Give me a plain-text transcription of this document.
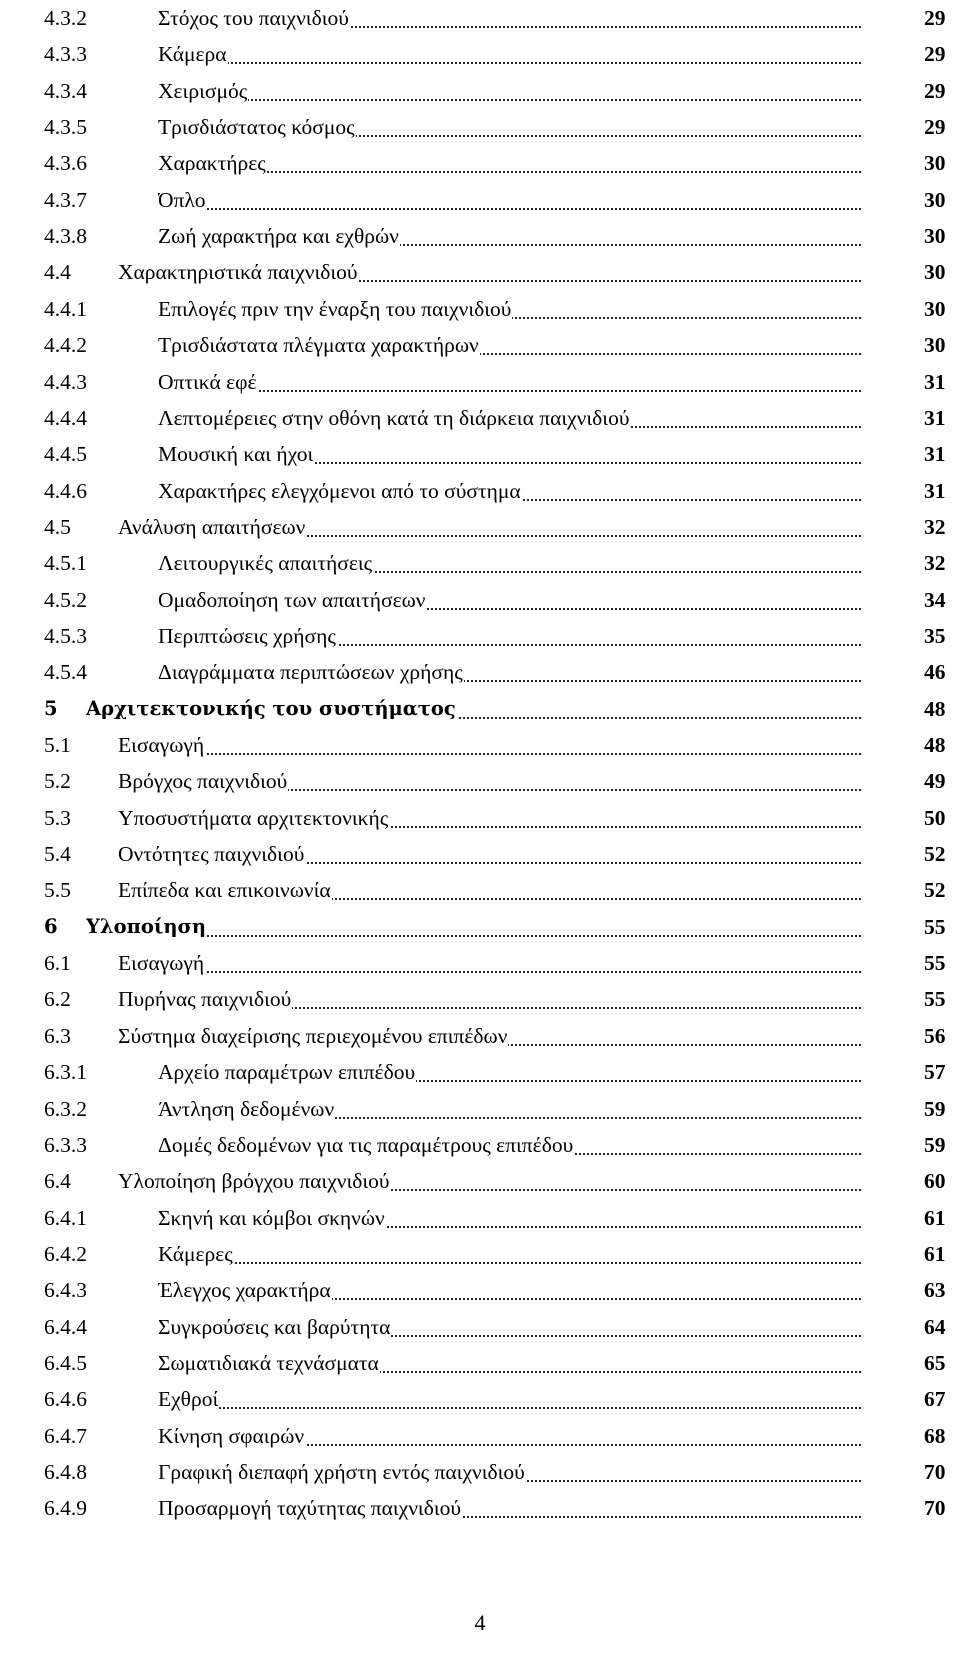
4.3.2	Στόχος του παιχνιδιού	29
4.3.3	Κάμερα	29
4.3.4	Χειρισμός	29
4.3.5	Τρισδιάστατος κόσμος	29
4.3.6	Χαρακτήρες	30
4.3.7	Όπλο	30
4.3.8	Ζωή χαρακτήρα και εχθρών	30
4.4 Χαρακτηριστικά παιχνιδιού	30
4.4.1	Επιλογές πριν την έναρξη του παιχνιδιού	30
4.4.2	Τρισδιάστατα πλέγματα χαρακτήρων	30
4.4.3	Οπτικά εφέ	31
4.4.4	Λεπτομέρειες στην οθόνη κατά τη διάρκεια παιχνιδιού	31
4.4.5	Μουσική και ήχοι	31
4.4.6	Χαρακτήρες ελεγχόμενοι από το σύστημα	31
4.5 Ανάλυση απαιτήσεων	32
4.5.1	Λειτουργικές απαιτήσεις	32
4.5.2	Ομαδοποίηση των απαιτήσεων	34
4.5.3	Περιπτώσεις χρήσης	35
4.5.4	Διαγράμματα περιπτώσεων χρήσης	46
5 Αρχιτεκτονικής του συστήματος	48
5.1 Εισαγωγή	48
5.2 Βρόγχος παιχνιδιού	49
5.3 Υποσυστήματα αρχιτεκτονικής	50
5.4 Οντότητες παιχνιδιού	52
5.5 Επίπεδα και επικοινωνία	52
6 Υλοποίηση	55
6.1 Εισαγωγή	55
6.2 Πυρήνας παιχνιδιού	55
6.3 Σύστημα διαχείρισης περιεχομένου επιπέδων	56
6.3.1	Αρχείο παραμέτρων επιπέδου	57
6.3.2	Άντληση δεδομένων	59
6.3.3	Δομές δεδομένων για τις παραμέτρους επιπέδου	59
6.4 Υλοποίηση βρόγχου παιχνιδιού	60
6.4.1	Σκηνή και κόμβοι σκηνών	61
6.4.2	Κάμερες	61
6.4.3	Έλεγχος χαρακτήρα	63
6.4.4	Συγκρούσεις και βαρύτητα	64
6.4.5	Σωματιδιακά τεχνάσματα	65
6.4.6	Εχθροί	67
6.4.7	Κίνηση σφαιρών	68
6.4.8	Γραφική διεπαφή χρήστη εντός παιχνιδιού	70
6.4.9	Προσαρμογή ταχύτητας παιχνιδιού	70
4
